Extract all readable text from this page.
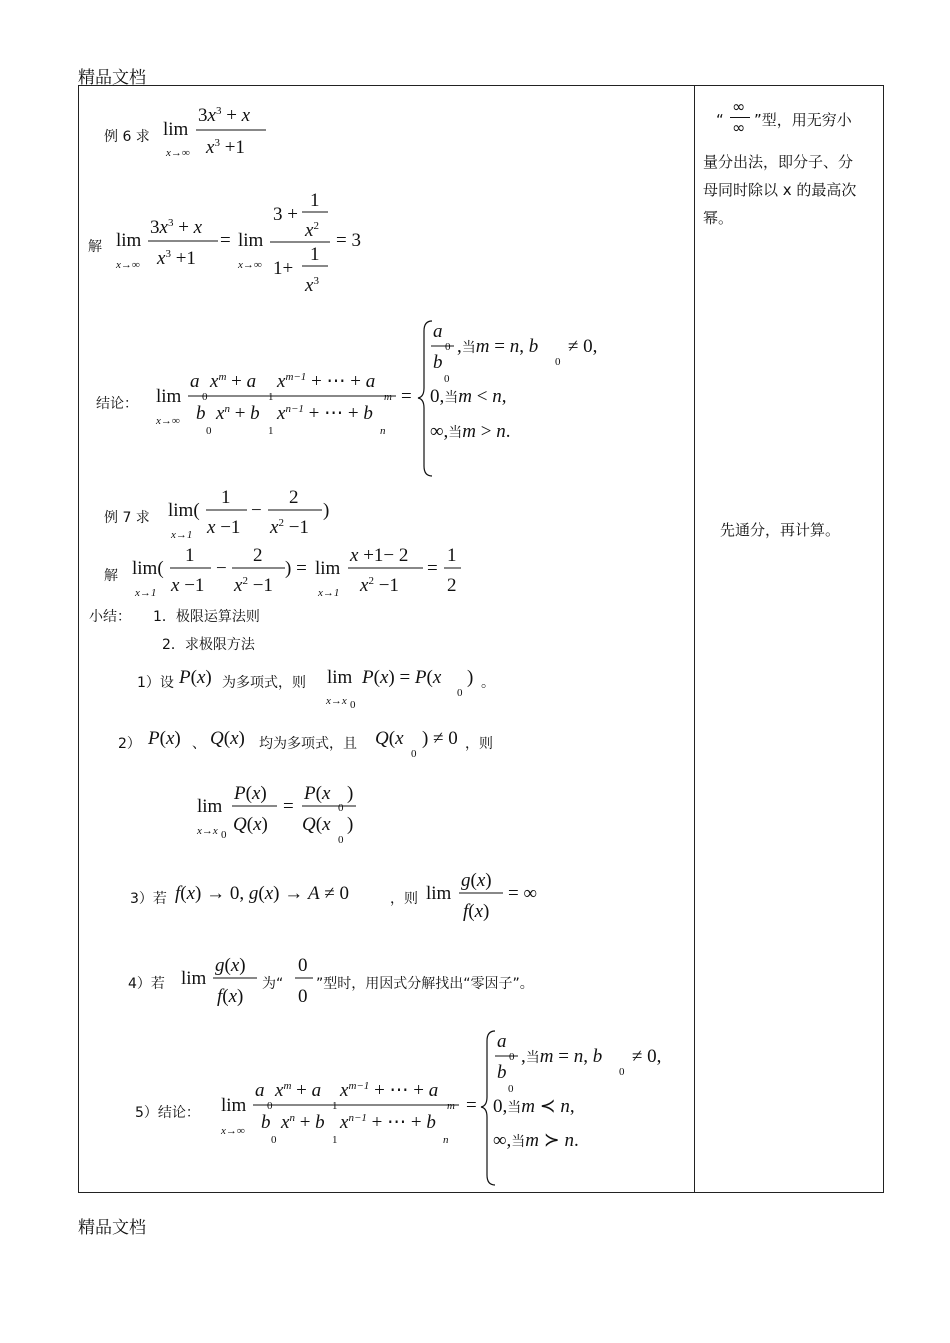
精品文档
“
∞
∞ ”型，用无穷小
量分出法，即分子、分
母同时除以 x 的最高次
幂。
先通分，再计算。
例 6 求 lim
x→∞
$3x^3 + x$
$x^3 +1$
解 lim
x→∞
$3x^3 + x$
$x^3 +1$
= lim
x→∞
3 +
1
$x^2$
1+
1
$x^3$
= 3
结论： lim
x→∞
a
0
$x^m + a$
1
$x^{m-1}$ + ⋯ + a
m
b
0
$x^n + b$
1
$x^{n-1}$ + ⋯ + b
n
=
a
0
b
0
,当m = n, b
0
≠ 0,
0,当m < n,
∞,当m > n.
例 7 求 lim(
x→1
1
x −1
−
2
$x^2 -1$
)
解 lim(
x→1
1
x −1
−
2
$x^2 -1$
) = lim
x→1
x +1− 2
$x^2 -1$
=
1
2
小结： 1．极限运算法则
2．求极限方法
1）设 P(x) 为多项式，则 lim
x→x 0
P(x) = P(x
0
) 。
2） P(x) 、 Q(x) 均为多项式，且 Q(x
0
) ≠ 0 ，则
lim
x→x 0
P(x)
Q(x)
=
P(x
0
)
Q(x
0
)
3）若 f(x) → 0, g(x) → A ≠ 0	，则 lim
g(x)
f(x)
= ∞
4）若 lim
g(x)
f(x)
为“
0
0
”型时，用因式分解找出“零因子”。
5）结论： lim
x→∞
a
0
$x^m + a$
1
$x^{m-1}$ + ⋯ + a
m
b
0
$x^n + b$
1
$x^{n-1}$ + ⋯ + b
n
=
a
0
b
0
,当m = n, b
0
≠ 0,
0,当m ≺ n,
∞,当m ≻ n.
精品文档
